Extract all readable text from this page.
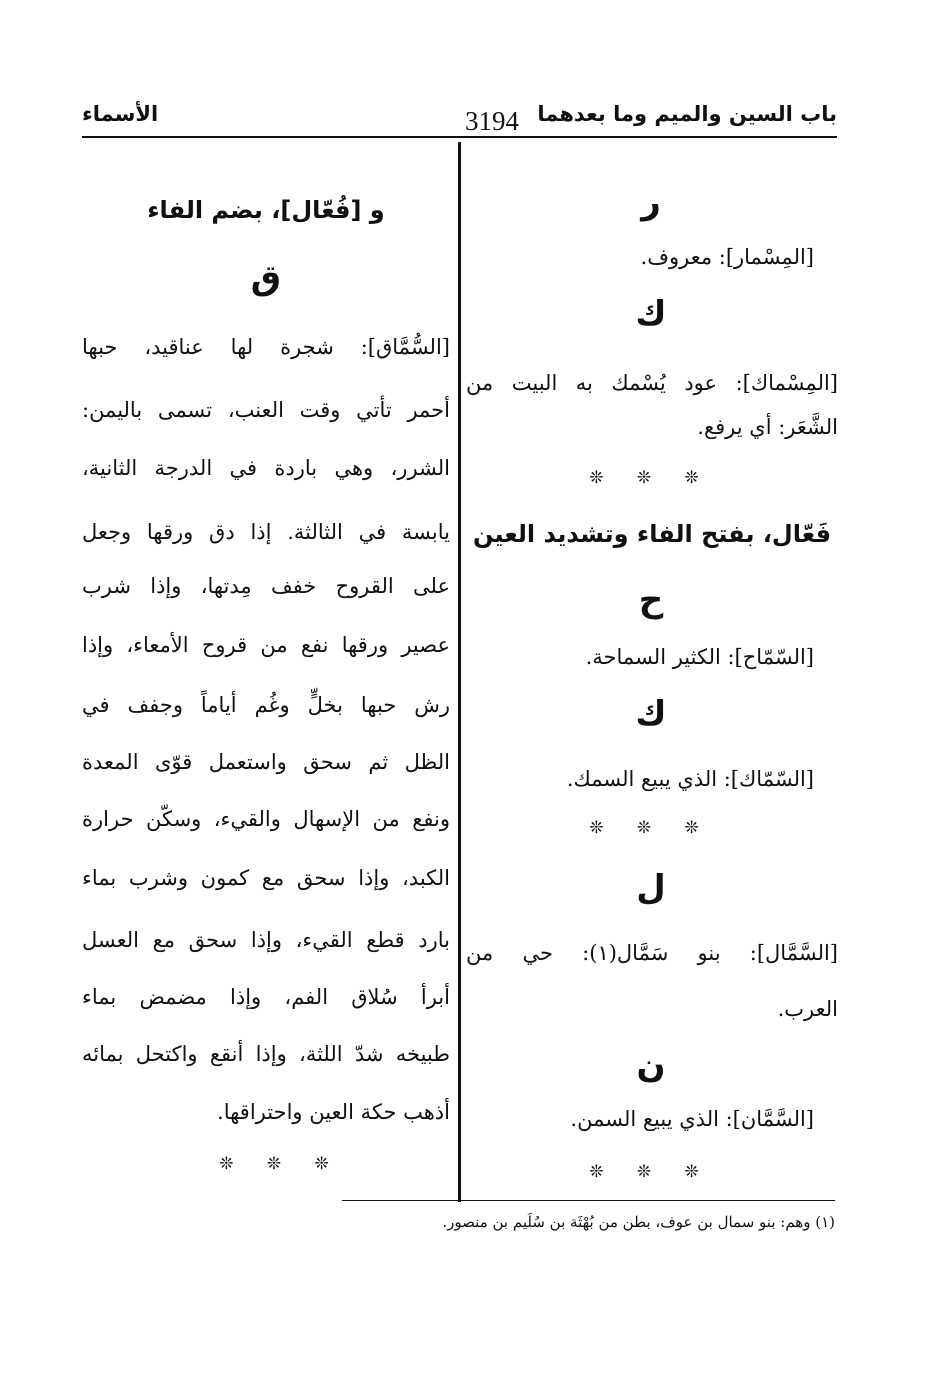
الأسماء	3194 باب السين والميم وما بعدهما
ر
[المِسْمار]: معروف.
ك
[المِسْماك]: عود يُسْمك به البيت من
الشَّعَر: أي يرفع.
❊ ❊ ❊
فَعّال، بفتح الفاء وتشديد العين
ح
[السّمّاح]: الكثير السماحة.
ك
[السّمّاك]: الذي يبيع السمك.
❊ ❊ ❊
ل
[السَّمَّال]: بنو سَمَّال(١): حي من
العرب.
ن
[السَّمَّان]: الذي يبيع السمن.
❊ ❊ ❊
و [فُعّال]، بضم الفاء
ق
[السُّمَّاق]: شجرة لها عناقيد، حبها
أحمر تأتي وقت العنب، تسمى باليمن:
الشرر، وهي باردة في الدرجة الثانية،
يابسة في الثالثة. إذا دق ورقها وجعل
على القروح خفف مِدتها، وإذا شرب
عصير ورقها نفع من قروح الأمعاء، وإذا
رش حبها بخلٍّ وغُم أياماً وجفف في
الظل ثم سحق واستعمل قوّى المعدة
ونفع من الإسهال والقيء، وسكّن حرارة
الكبد، وإذا سحق مع كمون وشرب بماء
بارد قطع القيء، وإذا سحق مع العسل
أبرأ سُلاق الفم، وإذا مضمض بماء
طبيخه شدّ اللثة، وإذا أنقع واكتحل بمائه
أذهب حكة العين واحتراقها.
❊ ❊ ❊
(١) وهم: بنو سمال بن عوف، بطن من بُهْثَة بن سُلَيم بن منصور.
